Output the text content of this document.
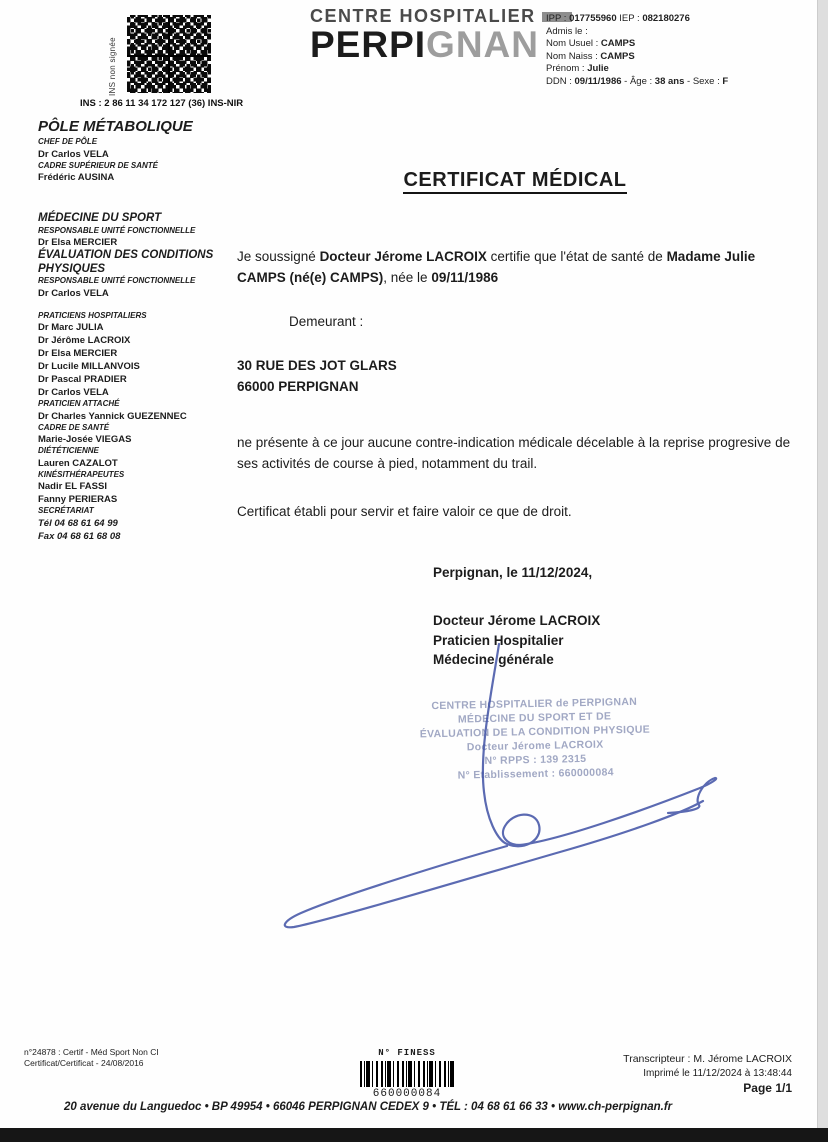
INS non signée
INS : 2 86 11 34 172 127 (36) INS-NIR
CENTRE HOSPITALIER
PERPIGNAN
IPP : 017755960 IEP : 082180276
Admis le :
Nom Usuel : CAMPS
Nom Naiss : CAMPS
Prénom : Julie
DDN : 09/11/1986 - Âge : 38 ans - Sexe : F
PÔLE MÉTABOLIQUE
CHEF DE PÔLE
Dr Carlos VELA
CADRE SUPÉRIEUR DE SANTÉ
Frédéric AUSINA
MÉDECINE DU SPORT
RESPONSABLE UNITÉ FONCTIONNELLE
Dr Elsa MERCIER
ÉVALUATION DES CONDITIONS PHYSIQUES
RESPONSABLE UNITÉ FONCTIONNELLE
Dr Carlos VELA
PRATICIENS HOSPITALIERS
Dr Marc JULIA
Dr Jérôme LACROIX
Dr Elsa MERCIER
Dr Lucile MILLANVOIS
Dr Pascal PRADIER
Dr Carlos VELA
PRATICIEN ATTACHÉ
Dr Charles Yannick GUEZENNEC
CADRE DE SANTÉ
Marie-Josée VIEGAS
DIÉTÉTICIENNE
Lauren CAZALOT
KINÉSITHÉRAPEUTES
Nadir EL FASSI
Fanny PERIERAS
SECRÉTARIAT
Tél 04 68 61 64 99
Fax 04 68 61 68 08
CERTIFICAT MÉDICAL

Je soussigné Docteur Jérome LACROIX certifie que l'état de santé de Madame Julie CAMPS (né(e) CAMPS), née le 09/11/1986

Demeurant :
30 RUE DES JOT GLARS
66000 PERPIGNAN

ne présente à ce jour aucune contre-indication médicale décelable à la reprise progresive de ses activités de course à pied, notamment du trail.

Certificat établi pour servir et faire valoir ce que de droit.

Perpignan, le 11/12/2024,
Docteur Jérome LACROIX
Praticien Hospitalier
Médecine générale
CENTRE HOSPITALIER de PERPIGNAN
MÉDECINE DU SPORT ET DE
ÉVALUATION DE LA CONDITION PHYSIQUE
Docteur Jérome LACROIX
N° RPPS : 139 2315
N° Etablissement : 660000084
n°24878 : Certif - Méd Sport Non CI
Certificat/Certificat - 24/08/2016
N° FINESS
660000084
Transcripteur : M. Jérome LACROIX
Imprimé le 11/12/2024 à 13:48:44
Page 1/1
20 avenue du Languedoc • BP 49954 • 66046 PERPIGNAN CEDEX 9 • TÉL : 04 68 61 66 33 • www.ch-perpignan.fr
